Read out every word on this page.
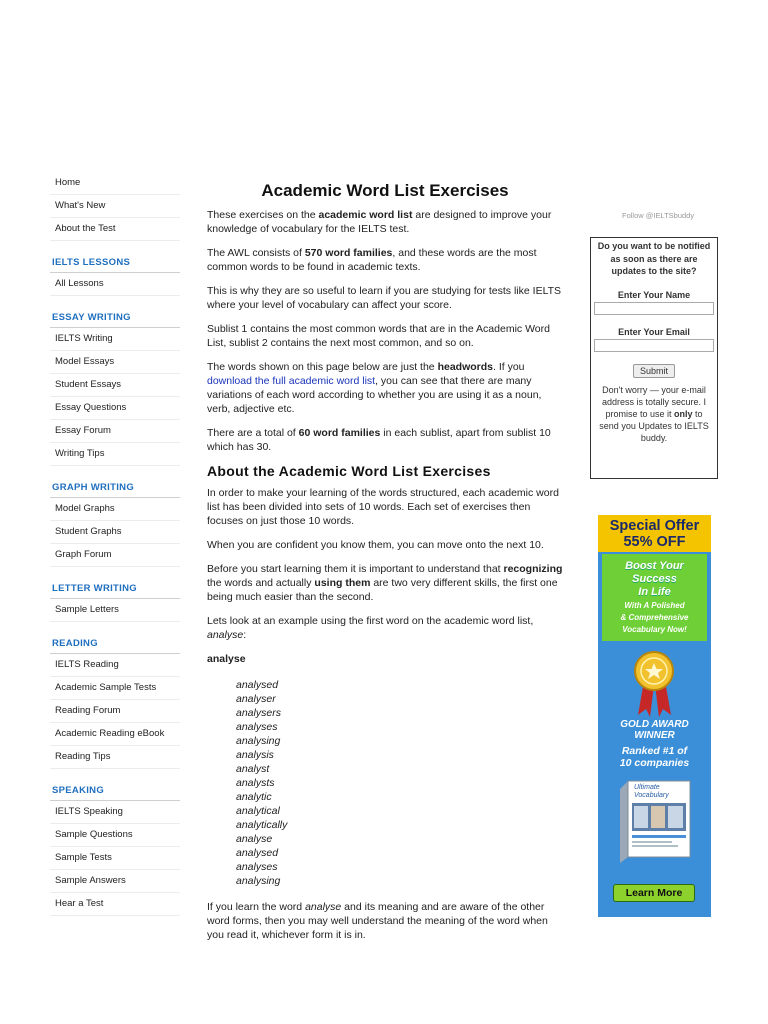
Home
What's New
About the Test
IELTS LESSONS
All Lessons
ESSAY WRITING
IELTS Writing
Model Essays
Student Essays
Essay Questions
Essay Forum
Writing Tips
GRAPH WRITING
Model Graphs
Student Graphs
Graph Forum
LETTER WRITING
Sample Letters
READING
IELTS Reading
Academic Sample Tests
Reading Forum
Academic Reading eBook
Reading Tips
SPEAKING
IELTS Speaking
Sample Questions
Sample Tests
Sample Answers
Hear a Test
Academic Word List Exercises

These exercises on the academic word list are designed to improve your knowledge of vocabulary for the IELTS test.

The AWL consists of 570 word families, and these words are the most common words to be found in academic texts.

This is why they are so useful to learn if you are studying for tests like IELTS where your level of vocabulary can affect your score.

Sublist 1 contains the most common words that are in the Academic Word List, sublist 2 contains the next most common, and so on.

The words shown on this page below are just the headwords. If you download the full academic word list, you can see that there are many variations of each word according to whether you are using it as a noun, verb, adjective etc.

There are a total of 60 word families in each sublist, apart from sublist 10 which has 30.

About the Academic Word List Exercises

In order to make your learning of the words structured, each academic word list has been divided into sets of 10 words. Each set of exercises then focuses on just those 10 words.

When you are confident you know them, you can move onto the next 10.

Before you start learning them it is important to understand that recognizing the words and actually using them are two very different skills, the first one being much easier than the second.

Lets look at an example using the first word on the academic word list, analyse:

analyse
analysed
analyser
analysers
analyses
analysing
analysis
analyst
analysts
analytic
analytical
analytically
analyse
analysed
analyses
analysing

If you learn the word analyse and its meaning and are aware of the other word forms, then you may well understand the meaning of the word when you read it, whichever form it is in.

Follow @IELTSbuddy
Do you want to be notified as soon as there are updates to the site?
Enter Your Name
Enter Your Email
Submit
Don't worry — your e-mail address is totally secure. I promise to use it only to send you Updates to IELTS buddy.
Special Offer
55% OFF
Boost Your
Success
In Life
With A Polished
& Comprehensive
Vocabulary Now!
GOLD AWARD
WINNER
Ranked #1 of
10 companies
Ultimate
Vocabulary
Learn More
